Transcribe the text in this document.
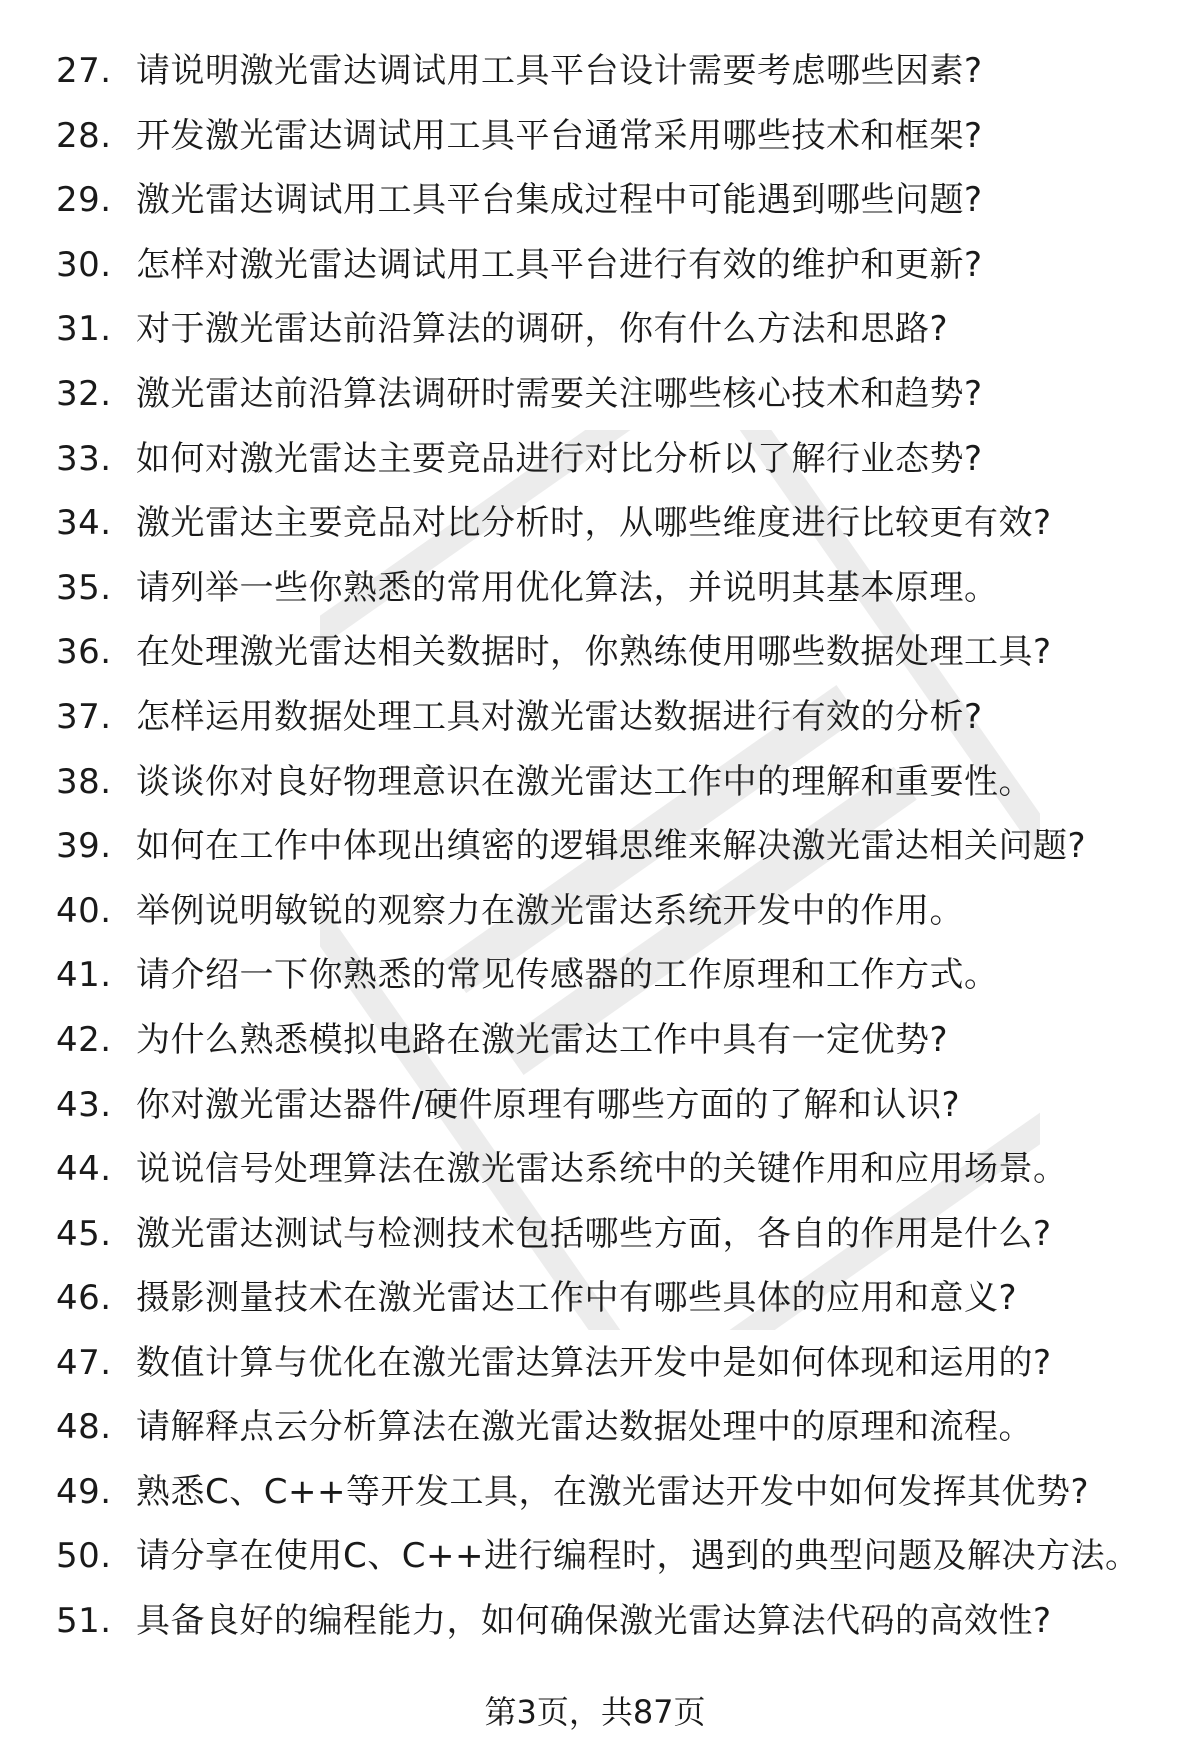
27. 请说明激光雷达调试用工具平台设计需要考虑哪些因素?
28. 开发激光雷达调试用工具平台通常采用哪些技术和框架?
29. 激光雷达调试用工具平台集成过程中可能遇到哪些问题?
30. 怎样对激光雷达调试用工具平台进行有效的维护和更新?
31. 对于激光雷达前沿算法的调研，你有什么方法和思路?
32. 激光雷达前沿算法调研时需要关注哪些核心技术和趋势?
33. 如何对激光雷达主要竞品进行对比分析以了解行业态势?
34. 激光雷达主要竞品对比分析时，从哪些维度进行比较更有效?
35. 请列举一些你熟悉的常用优化算法，并说明其基本原理。
36. 在处理激光雷达相关数据时，你熟练使用哪些数据处理工具?
37. 怎样运用数据处理工具对激光雷达数据进行有效的分析?
38. 谈谈你对良好物理意识在激光雷达工作中的理解和重要性。
39. 如何在工作中体现出缜密的逻辑思维来解决激光雷达相关问题?
40. 举例说明敏锐的观察力在激光雷达系统开发中的作用。
41. 请介绍一下你熟悉的常见传感器的工作原理和工作方式。
42. 为什么熟悉模拟电路在激光雷达工作中具有一定优势?
43. 你对激光雷达器件/硬件原理有哪些方面的了解和认识?
44. 说说信号处理算法在激光雷达系统中的关键作用和应用场景。
45. 激光雷达测试与检测技术包括哪些方面，各自的作用是什么?
46. 摄影测量技术在激光雷达工作中有哪些具体的应用和意义?
47. 数值计算与优化在激光雷达算法开发中是如何体现和运用的?
48. 请解释点云分析算法在激光雷达数据处理中的原理和流程。
49. 熟悉C、C++等开发工具，在激光雷达开发中如何发挥其优势?
50. 请分享在使用C、C++进行编程时，遇到的典型问题及解决方法。
51. 具备良好的编程能力，如何确保激光雷达算法代码的高效性?
第3页，共87页
